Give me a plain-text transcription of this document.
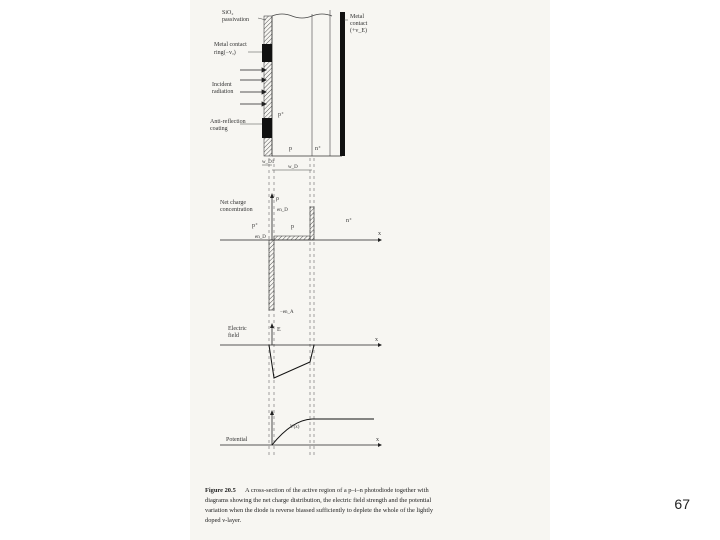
SiO₂
passivation
Metal contact
ring(−vₐ)
Incident
radiation
Anti-reflection
coating
p⁺
Metal
contact
(+v_E)
p	n⁺
w_D1
w_D
Net charge
concentration
ρ
en_D
p⁺	p
n⁺
en_D
x
−en_A
Electric
field
E
x
Potential
V(x)
x
Figure 20.5 A cross-section of the active region of a p–i–n photodiode together with
diagrams showing the net charge distribution, the electric field strength and the potential
variation when the diode is reverse biassed sufficiently to deplete the whole of the lightly
doped ν-layer.
67
